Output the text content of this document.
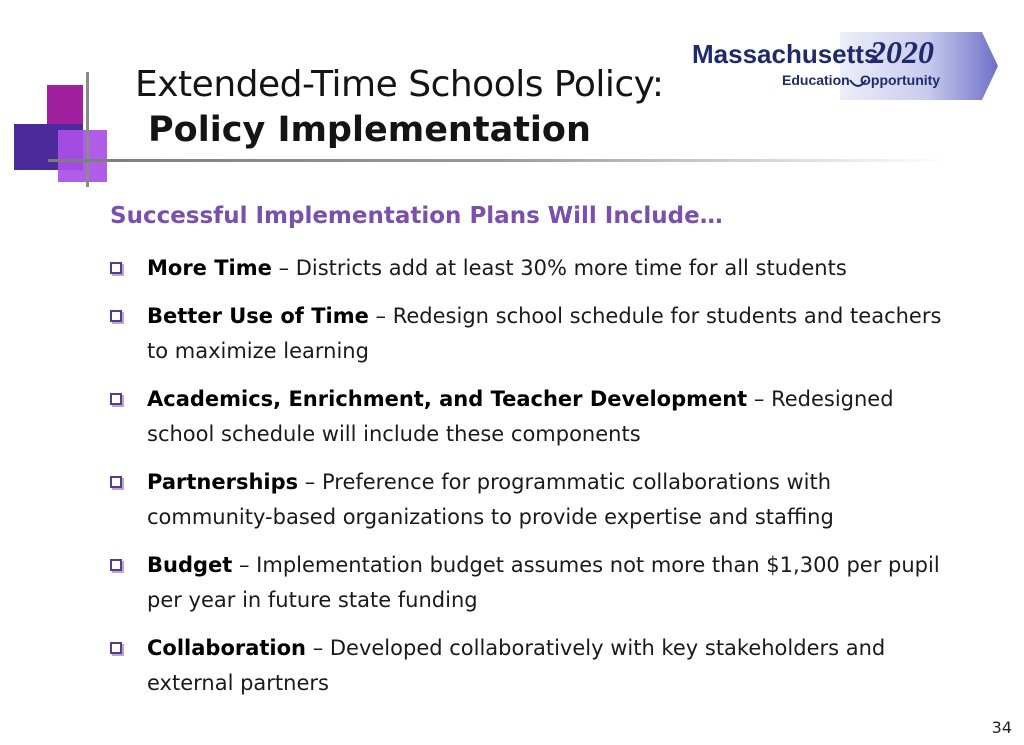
Extended-Time Schools Policy:
Policy Implementation
Massachusetts
2020
Education Opportunity
Successful Implementation Plans Will Include…
More Time – Districts add at least 30% more time for all students
Better Use of Time – Redesign school schedule for students and teachers to maximize learning
Academics, Enrichment, and Teacher Development – Redesigned school schedule will include these components
Partnerships – Preference for programmatic collaborations with community-based organizations to provide expertise and staffing
Budget – Implementation budget assumes not more than $1,300 per pupil per year in future state funding
Collaboration – Developed collaboratively with key stakeholders and external partners
34
